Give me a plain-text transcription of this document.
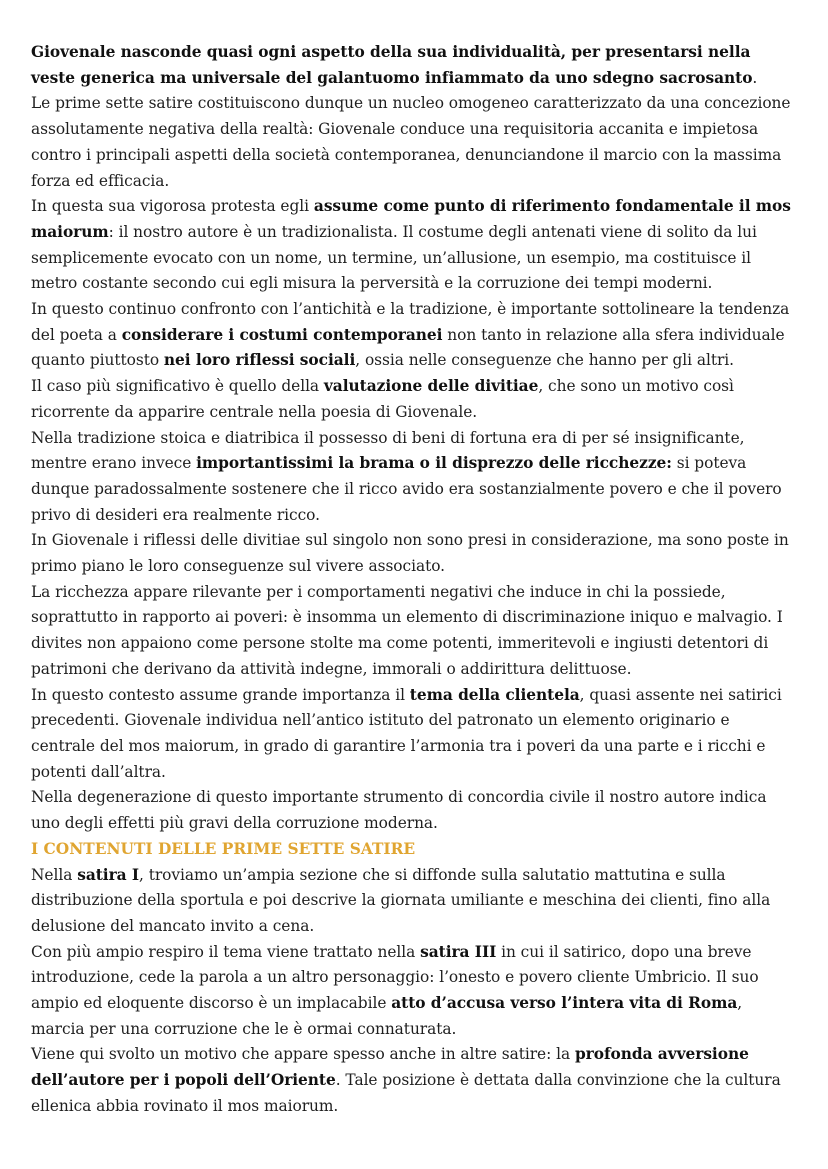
Giovenale nasconde quasi ogni aspetto della sua individualità, per presentarsi nella veste generica ma universale del galantuomo infiammato da uno sdegno sacrosanto.

Le prime sette satire costituiscono dunque un nucleo omogeneo caratterizzato da una concezione assolutamente negativa della realtà: Giovenale conduce una requisitoria accanita e impietosa contro i principali aspetti della società contemporanea, denunciandone il marcio con la massima forza ed efficacia.

In questa sua vigorosa protesta egli assume come punto di riferimento fondamentale il mos maiorum: il nostro autore è un tradizionalista. Il costume degli antenati viene di solito da lui semplicemente evocato con un nome, un termine, un’allusione, un esempio, ma costituisce il metro costante secondo cui egli misura la perversità e la corruzione dei tempi moderni.

In questo continuo confronto con l’antichità e la tradizione, è importante sottolineare la tendenza del poeta a considerare i costumi contemporanei non tanto in relazione alla sfera individuale quanto piuttosto nei loro riflessi sociali, ossia nelle conseguenze che hanno per gli altri.

Il caso più significativo è quello della valutazione delle divitiae, che sono un motivo così ricorrente da apparire centrale nella poesia di Giovenale.

Nella tradizione stoica e diatribica il possesso di beni di fortuna era di per sé insignificante, mentre erano invece importantissimi la brama o il disprezzo delle ricchezze: si poteva dunque paradossalmente sostenere che il ricco avido era sostanzialmente povero e che il povero privo di desideri era realmente ricco.

In Giovenale i riflessi delle divitiae sul singolo non sono presi in considerazione, ma sono poste in primo piano le loro conseguenze sul vivere associato.

La ricchezza appare rilevante per i comportamenti negativi che induce in chi la possiede, soprattutto in rapporto ai poveri: è insomma un elemento di discriminazione iniquo e malvagio. I divites non appaiono come persone stolte ma come potenti, immeritevoli e ingiusti detentori di patrimoni che derivano da attività indegne, immorali o addirittura delittuose.

In questo contesto assume grande importanza il tema della clientela, quasi assente nei satirici precedenti. Giovenale individua nell’antico istituto del patronato un elemento originario e centrale del mos maiorum, in grado di garantire l’armonia tra i poveri da una parte e i ricchi e potenti dall’altra.

Nella degenerazione di questo importante strumento di concordia civile il nostro autore indica uno degli effetti più gravi della corruzione moderna.

I CONTENUTI DELLE PRIME SETTE SATIRE

Nella satira I, troviamo un’ampia sezione che si diffonde sulla salutatio mattutina e sulla distribuzione della sportula e poi descrive la giornata umiliante e meschina dei clienti, fino alla delusione del mancato invito a cena.

Con più ampio respiro il tema viene trattato nella satira III in cui il satirico, dopo una breve introduzione, cede la parola a un altro personaggio: l’onesto e povero cliente Umbricio. Il suo ampio ed eloquente discorso è un implacabile atto d’accusa verso l’intera vita di Roma, marcia per una corruzione che le è ormai connaturata.

Viene qui svolto un motivo che appare spesso anche in altre satire: la profonda avversione dell’autore per i popoli dell’Oriente. Tale posizione è dettata dalla convinzione che la cultura ellenica abbia rovinato il mos maiorum.
